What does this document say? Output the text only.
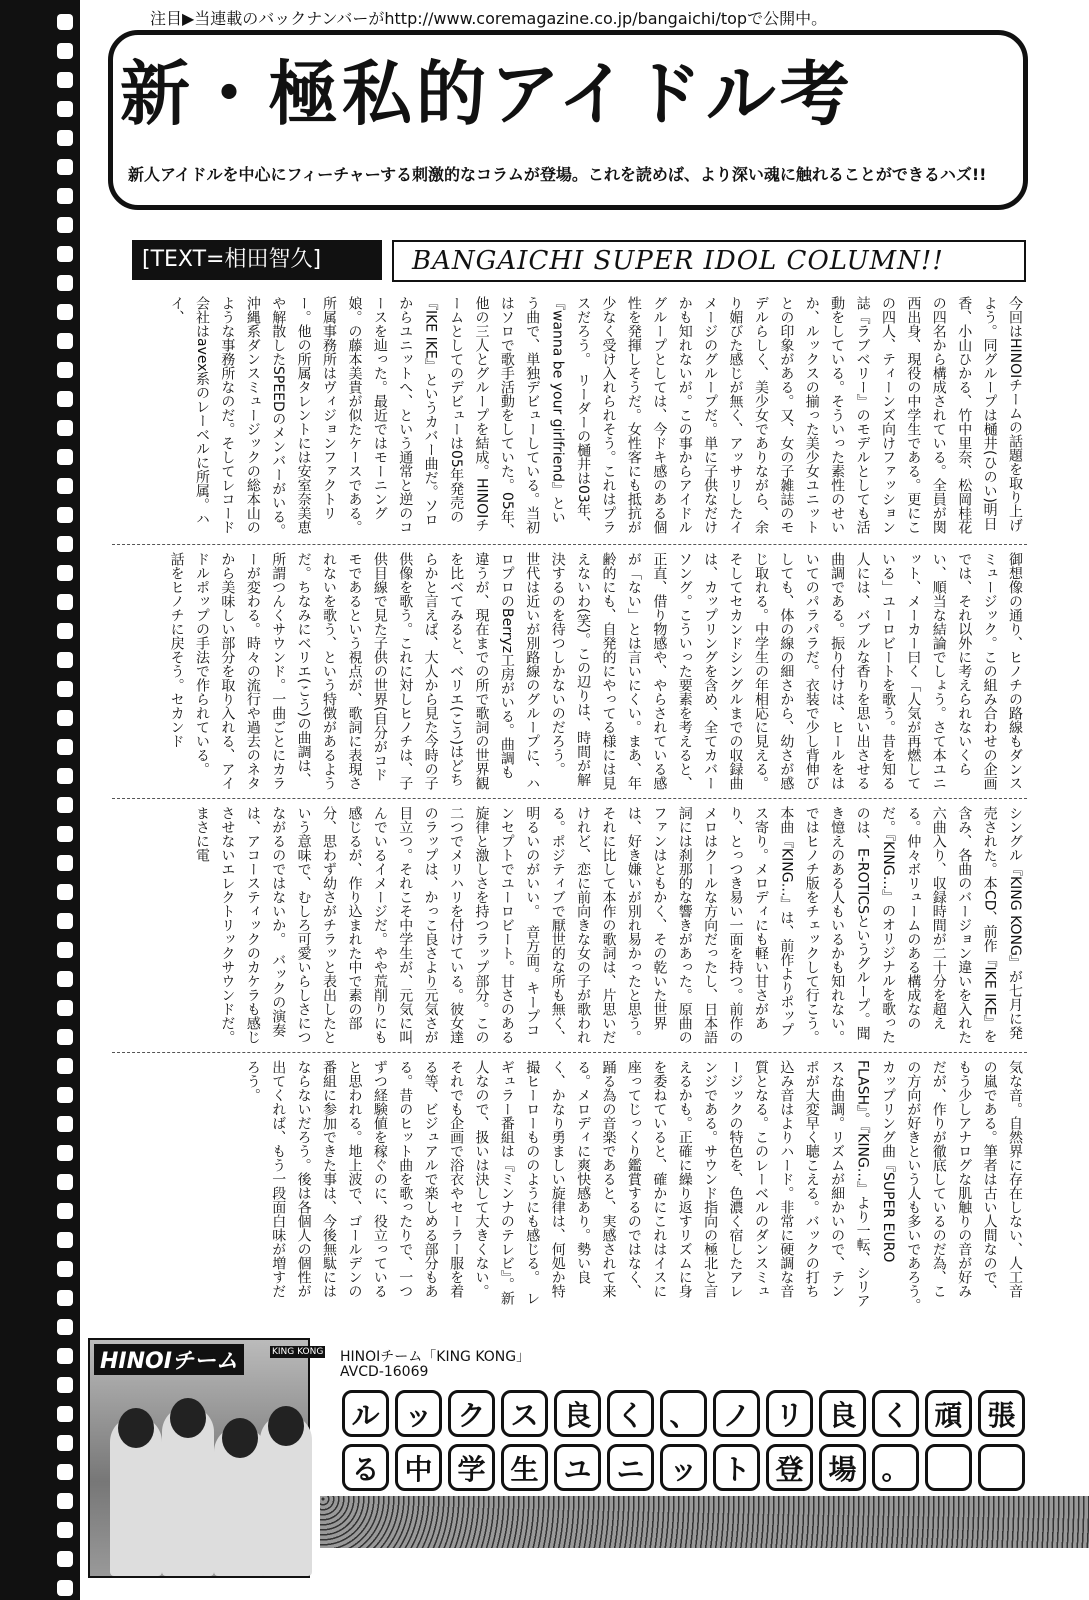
注目▶当連載のバックナンバーがhttp://www.coremagazine.co.jp/bangaichi/topで公開中。
新・極私的アイドル考
新人アイドルを中心にフィーチャーする刺激的なコラムが登場。これを読めば、より深い魂に触れることができるハズ!!
[TEXT=相田智久]	BANGAICHI SUPER IDOL COLUMN!!

今回はHINOIチームの話題を取り上げよう。同グループは樋井(ひのい)明日香、小山ひかる、竹中里奈、松岡桂花の四名から構成されている。全員が関西出身、現役の中学生である。更にこの四人、ティーンズ向けファッション誌『ラブベリー』のモデルとしても活動をしている。そういった素性のせいか、ルックスの揃った美少女ユニットとの印象がある。又、女の子雑誌のモデルらしく、美少女でありながら、余り媚びた感じが無く、アッサリしたイメージのグループだ。単に子供なだけかも知れないが。この事からアイドルグループとしては、今ドキ感のある個性を発揮しそうだ。女性客にも抵抗が少なく受け入れられそう。これはプラスだろう。　リーダーの樋井は03年、『wanna be your girlfriend』という曲で、単独デビューしている。当初はソロで歌手活動をしていた。05年、他の三人とグループを結成。HINOIチームとしてのデビューは05年発売の『IKE IKE』というカバー曲だ。ソロからユニットへ、という通常と逆のコースを辿った。最近ではモーニング娘。の藤本美貴が似たケースである。　所属事務所はヴィジョンファクトリー。他の所属タレントには安室奈美恵や解散したSPEEDのメンバーがいる。沖縄系ダンスミュージックの総本山のような事務所なのだ。そしてレコード会社はavex系のレーベルに所属。ハイ、

御想像の通り、ヒノチの路線もダンスミュージック。この組み合わせの企画では、それ以外に考えられないくらい、順当な結論でしょう。さて本ユニット、メーカー曰く「人気が再燃している」ユーロビートを歌う。昔を知る人には、バブルな香りを思い出させる曲調である。振り付けは、ヒールをはいてのパラパラだ。衣装で少し背伸びしても、体の線の細さから、幼さが感じ取れる。中学生の年相応に見える。そしてセカンドシングルまでの収録曲は、カップリングを含め、全てカバーソング。こういった要素を考えると、正直、借り物感や、やらされている感が「ない」とは言いにくい。まあ、年齢的にも、自発的にやってる様には見えないわ(笑)。この辺りは、時間が解決するのを待つしかないのだろう。　世代は近いが別路線のグループに、ハロプロのBerryz工房がいる。曲調も違うが、現在までの所で歌詞の世界観を比べてみると、ベリエ(こう)はどちらかと言えば、大人から見た今時の子供像を歌う。これに対しヒノチは、子供目線で見た子供の世界(自分がコドモであるという視点が、歌詞に表現されないを歌う、という特徴があるようだ。ちなみにベリエ(こう)の曲調は、所謂つんくサウンド。一曲ごとにカラーが変わる。時々の流行や過去のネタから美味しい部分を取り入れる、アイドルポップの手法で作られている。　話をヒノチに戻そう。セカンド

シングル『KING KONG』が七月に発売された。本CD、前作『IKE IKE』を含み、各曲のバージョン違いを入れた六曲入り、収録時間が二十分を超える。仲々ボリュームのある構成なのだ。『KING…』のオリジナルを歌ったのは、E-ROTICSというグループ。聞き憶えのある人もいるかも知れない。ではヒノチ版をチェックして行こう。　本曲『KING…』は、前作よりポップス寄り。メロディにも軽い甘さがあり、とっつき易い一面を持つ。前作のメロはクールな方向だったし、日本語詞には刹那的な響きがあった。原曲のファンはともかく、その乾いた世界は、好き嫌いが別れ易かったと思う。それに比して本作の歌詞は、片思いだけれど、恋に前向きな女の子が歌われる。ポジティブで厭世的な所も無く、明るいのがいい。　音方面。キープコンセプトでユーロビート。甘さのある旋律と激しさを持つラップ部分。この二つでメリハリを付けている。彼女達のラップは、かっこ良さより元気さが目立つ。それこそ中学生が、元気に叫んでいるイメージだ。やや荒削りにも感じるが、作り込まれた中で素の部分、思わず幼さがチラッと表出したという意味で、むしろ可愛いらしさにつながるのではないか。　バックの演奏は、アコースティックのカケラも感じさせないエレクトリックサウンドだ。まさに電

気な音。自然界に存在しない、人工音の嵐である。筆者は古い人間なので、もう少しアナログな肌触りの音が好みだが、作りが徹底しているのだ為、この方向が好きという人も多いであろう。　カップリング曲『SUPER EURO FLASH』。『KING…』より一転、シリアスな曲調。リズムが細かいので、テンポが大変早く聴こえる。バックの打ち込み音はよりハード。非常に硬調な音質となる。このレーベルのダンスミュージックの特色を、色濃く宿したアレンジである。サウンド指向の極北と言えるかも。正確に繰り返すリズムに身を委ねていると、確かにこれはイスに座ってじっくり鑑賞するのではなく、踊る為の音楽であると、実感されて来る。メロディに爽快感あり。勢い良く、かなり勇ましい旋律は、何処か特撮ヒーローもののようにも感じる。　レギュラー番組は『ミンナのテレビ』。新人なので、扱いは決して大きくない。それでも企画で浴衣やセーラー服を着る等、ビジュアルで楽しめる部分もある。昔のヒット曲を歌ったりで、一つずつ経験値を稼ぐのに、役立っていると思われる。地上波で、ゴールデンの番組に参加できた事は、今後無駄にはならないだろう。後は各個人の個性が出てくれば、もう一段面白味が増すだろう。

HINOIチーム	KING KONG HINOIチーム「KING KONG」
AVCD-16069
ル ッ ク ス 良 く 、 ノ リ 良 く 頑 張
る 中 学 生 ユ ニ ッ ト 登 場 。
